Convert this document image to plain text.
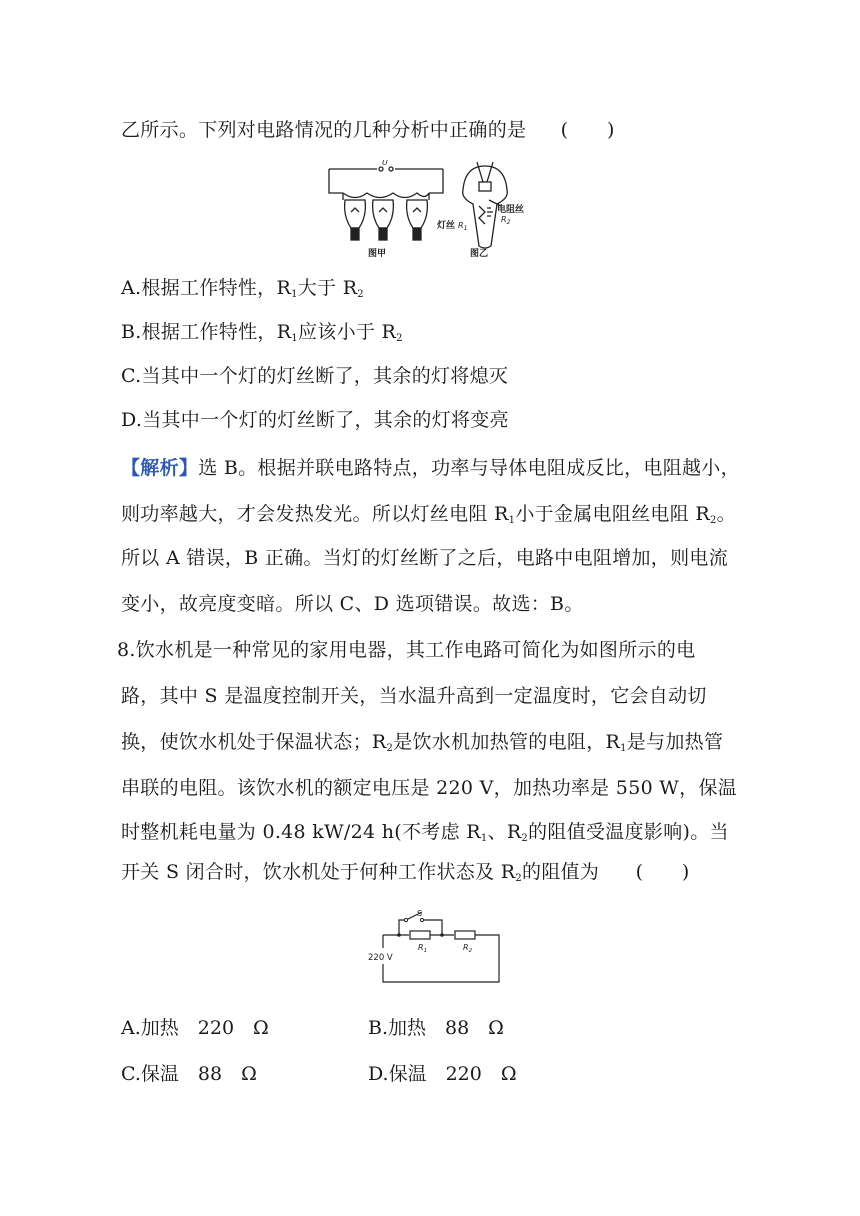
乙所示。下列对电路情况的几种分析中正确的是 (　　)
U
电阻丝
灯丝 $R_1$
$R_2$
图甲	图乙
A.根据工作特性，$R_1$大于 $R_2$
B.根据工作特性，$R_1$应该小于 $R_2$
C.当其中一个灯的灯丝断了，其余的灯将熄灭
D.当其中一个灯的灯丝断了，其余的灯将变亮
【解析】选 B。根据并联电路特点，功率与导体电阻成反比，电阻越小，
则功率越大，才会发热发光。所以灯丝电阻 $R_1$小于金属电阻丝电阻 $R_2$。
所以 A 错误，B 正确。当灯的灯丝断了之后，电路中电阻增加，则电流
变小，故亮度变暗。所以 C、D 选项错误。故选：B。
8.饮水机是一种常见的家用电器，其工作电路可简化为如图所示的电
路，其中 S 是温度控制开关，当水温升高到一定温度时，它会自动切
换，使饮水机处于保温状态；$R_2$是饮水机加热管的电阻，$R_1$是与加热管
串联的电阻。该饮水机的额定电压是 220 V，加热功率是 550 W，保温
时整机耗电量为 0.48 kW/24 h(不考虑 $R_1$、$R_2$的阻值受温度影响)。当
开关 S 闭合时，饮水机处于何种工作状态及 $R_2$的阻值为 (　　)
S
$R_1$	$R_2$
220 V
A.加热　220　Ω	B.加热　88　Ω
C.保温　88　Ω	D.保温　220　Ω
